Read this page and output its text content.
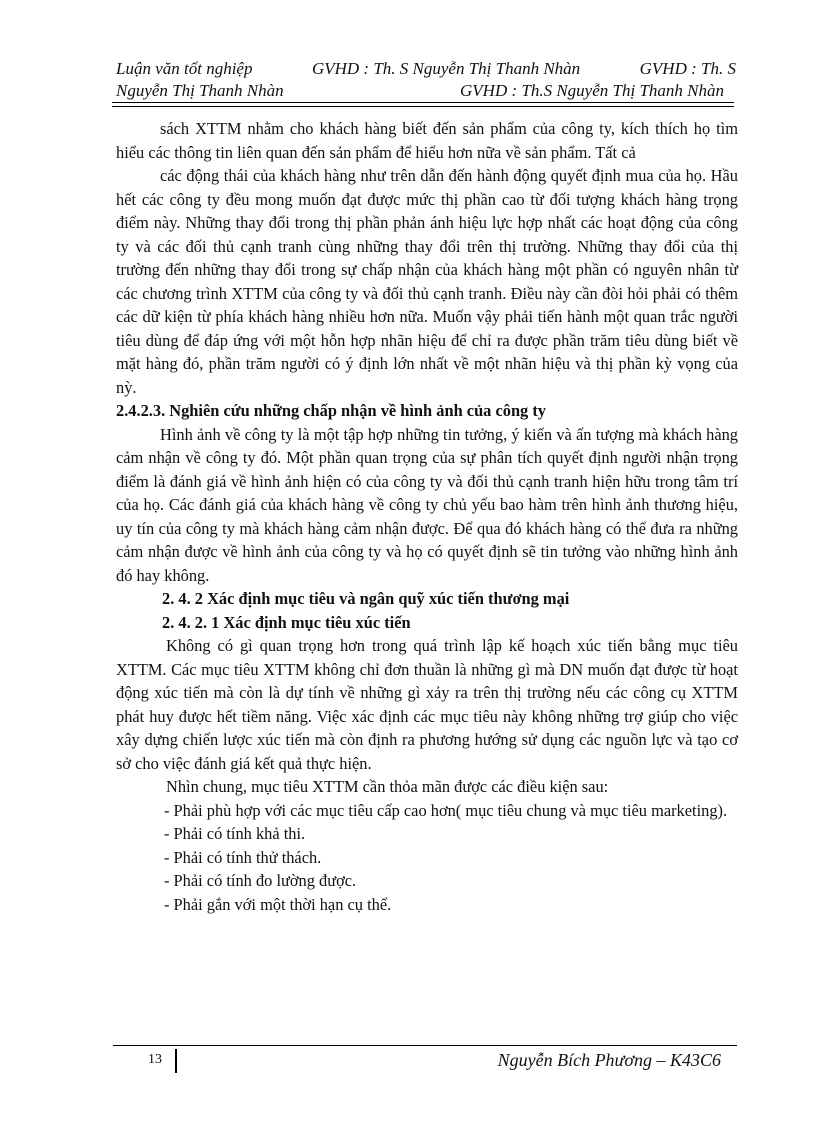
Luận văn tốt nghiệp	GVHD : Th. S Nguyễn Thị Thanh Nhàn	GVHD : Th. S
Nguyễn Thị Thanh Nhàn	GVHD : Th.S Nguyễn Thị Thanh Nhàn

sách XTTM nhằm cho khách hàng biết đến sản phẩm của công ty, kích thích họ tìm hiểu các thông tin liên quan đến sản phẩm để hiểu hơn nữa về sản phẩm. Tất cả

các động thái của khách hàng như trên dẫn đến hành động quyết định mua của họ. Hầu hết các công ty đều mong muốn đạt được mức thị phần cao từ đối tượng khách hàng trọng điểm này. Những thay đổi trong thị phần phản ánh hiệu lực hợp nhất các hoạt động của công ty và các đối thủ cạnh tranh cùng những thay đổi trên thị trường. Những thay đổi của thị trường đến những thay đổi trong sự chấp nhận của khách hàng một phần có nguyên nhân từ các chương trình XTTM của công ty và đối thủ cạnh tranh. Điều này cần đòi hỏi phải có thêm các dữ kiện từ phía khách hàng nhiều hơn nữa. Muốn vậy phải tiến hành một quan trắc người tiêu dùng để đáp ứng với một hỗn hợp nhãn hiệu để chỉ ra được phần trăm tiêu dùng biết về mặt hàng đó, phần trăm người có ý định lớn nhất về một nhãn hiệu và thị phần kỳ vọng của nỳ.

2.4.2.3. Nghiên cứu những chấp nhận về hình ảnh của công ty

Hình ảnh về công ty là một tập hợp những tin tưởng, ý kiến và ấn tượng mà khách hàng cảm nhận về công ty đó. Một phần quan trọng của sự phân tích quyết định người nhận trọng điểm là đánh giá về hình ảnh hiện có của công ty và đối thủ cạnh tranh hiện hữu trong tâm trí của họ. Các đánh giá của khách hàng về công ty chủ yếu bao hàm trên hình ảnh thương hiệu, uy tín của công ty mà khách hàng cảm nhận được. Để qua đó khách hàng có thể đưa ra những cảm nhận được về hình ảnh của công ty và họ có quyết định sẽ tin tưởng vào những hình ảnh đó hay không.

2. 4. 2 Xác định mục tiêu và ngân quỹ xúc tiến thương mại

2. 4. 2. 1 Xác định mục tiêu xúc tiến

Không có gì quan trọng hơn trong quá trình lập kế hoạch xúc tiến bằng mục tiêu XTTM. Các mục tiêu XTTM không chỉ đơn thuần là những gì mà DN muốn đạt được từ hoạt động xúc tiến mà còn là dự tính về những gì xảy ra trên thị trường nếu các công cụ XTTM phát huy được hết tiềm năng. Việc xác định các mục tiêu này không những trợ giúp cho việc xây dựng chiến lược xúc tiến mà còn định ra phương hướng sử dụng các nguồn lực và tạo cơ sở cho việc đánh giá kết quả thực hiện.

Nhìn chung, mục tiêu XTTM cần thỏa mãn được các điều kiện sau:

- Phải phù hợp với các mục tiêu cấp cao hơn( mục tiêu chung và mục tiêu marketing).

- Phải có tính khả thi.

- Phải có tính thử thách.

- Phải có tính đo lường được.

- Phải gắn với một thời hạn cụ thể.

13	Nguyễn Bích Phương – K43C6
